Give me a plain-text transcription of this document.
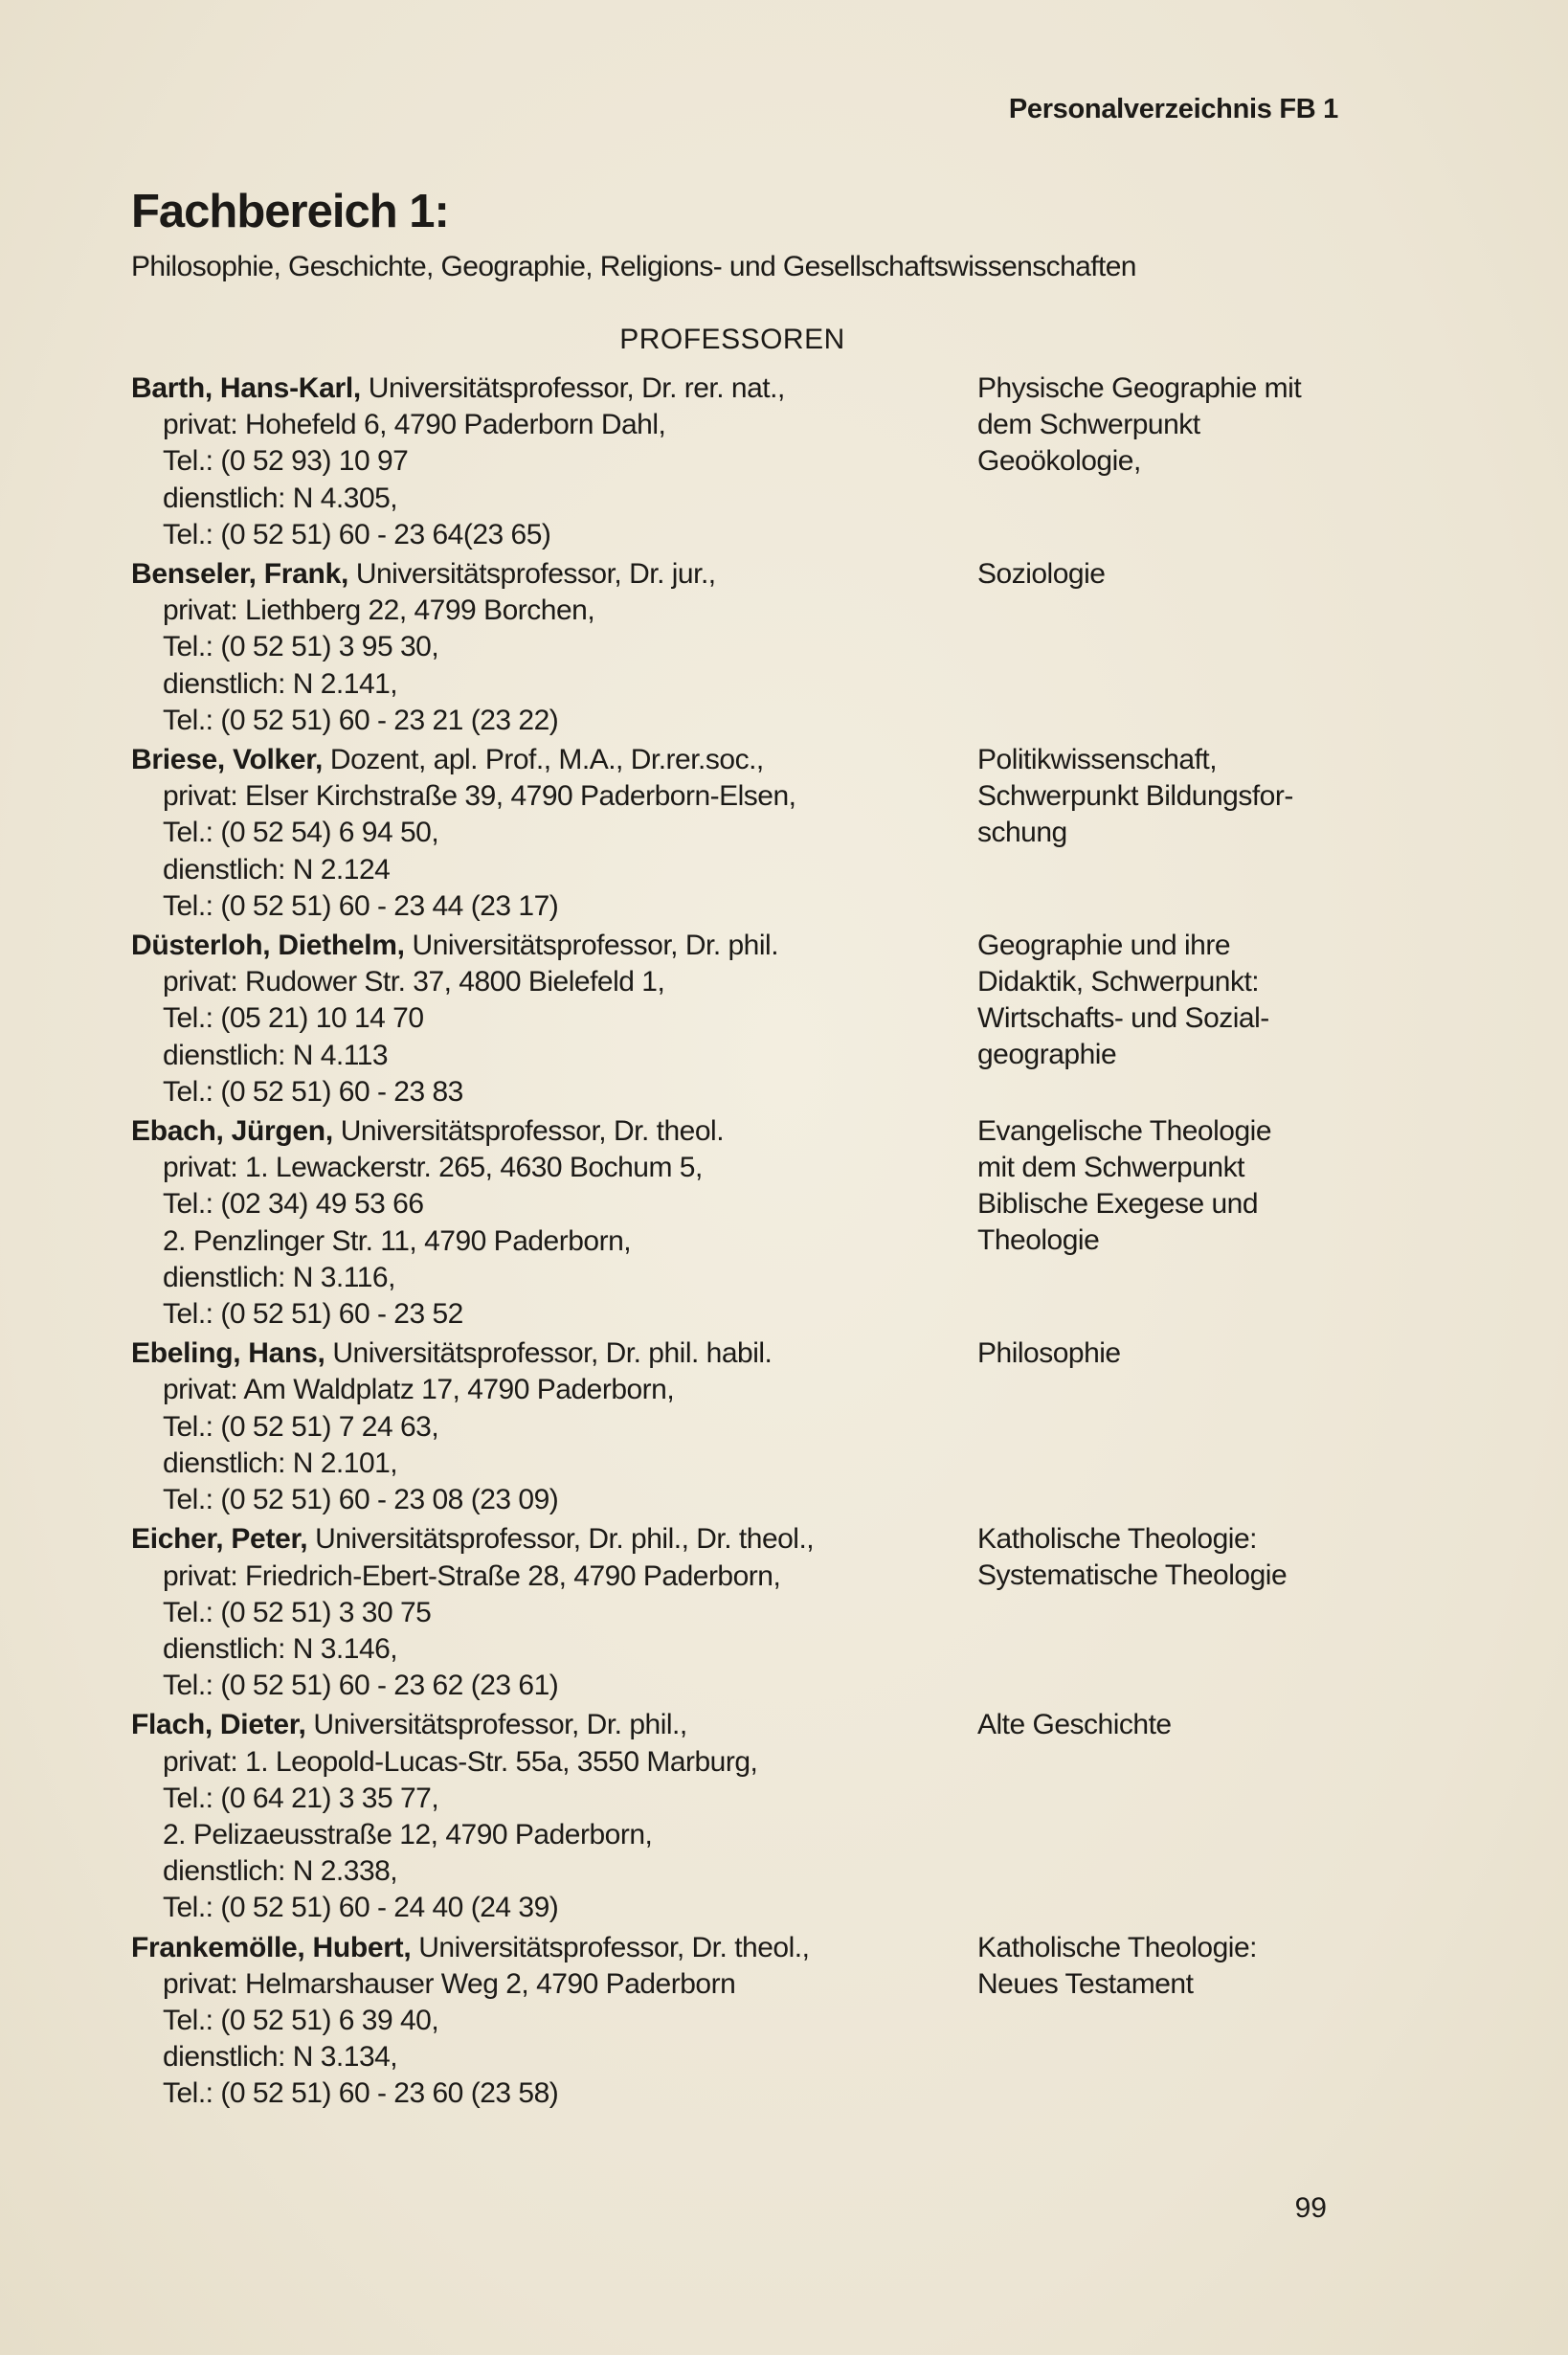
Personalverzeichnis FB 1
Fachbereich 1:
Philosophie, Geschichte, Geographie, Religions- und Gesellschaftswissenschaften
PROFESSOREN
Barth, Hans-Karl, Universitätsprofessor, Dr. rer. nat.,
privat: Hohefeld 6, 4790 Paderborn Dahl,
Tel.: (0 52 93) 10 97
dienstlich: N 4.305,
Tel.: (0 52 51) 60 - 23 64(23 65)
Physische Geographie mit
dem Schwerpunkt
Geoökologie,
Benseler, Frank, Universitätsprofessor, Dr. jur.,
privat: Liethberg 22, 4799 Borchen,
Tel.: (0 52 51) 3 95 30,
dienstlich: N 2.141,
Tel.: (0 52 51) 60 - 23 21 (23 22)
Soziologie
Briese, Volker, Dozent, apl. Prof., M.A., Dr.rer.soc.,
privat: Elser Kirchstraße 39, 4790 Paderborn-Elsen,
Tel.: (0 52 54) 6 94 50,
dienstlich: N 2.124
Tel.: (0 52 51) 60 - 23 44 (23 17)
Politikwissenschaft,
Schwerpunkt Bildungsfor-
schung
Düsterloh, Diethelm, Universitätsprofessor, Dr. phil.
privat: Rudower Str. 37, 4800 Bielefeld 1,
Tel.: (05 21) 10 14 70
dienstlich: N 4.113
Tel.: (0 52 51) 60 - 23 83
Geographie und ihre
Didaktik, Schwerpunkt:
Wirtschafts- und Sozial-
geographie
Ebach, Jürgen, Universitätsprofessor, Dr. theol.
privat: 1. Lewackerstr. 265, 4630 Bochum 5,
Tel.: (02 34) 49 53 66
2. Penzlinger Str. 11, 4790 Paderborn,
dienstlich: N 3.116,
Tel.: (0 52 51) 60 - 23 52
Evangelische Theologie
mit dem Schwerpunkt
Biblische Exegese und
Theologie
Ebeling, Hans, Universitätsprofessor, Dr. phil. habil.
privat: Am Waldplatz 17, 4790 Paderborn,
Tel.: (0 52 51) 7 24 63,
dienstlich: N 2.101,
Tel.: (0 52 51) 60 - 23 08 (23 09)
Philosophie
Eicher, Peter, Universitätsprofessor, Dr. phil., Dr. theol.,
privat: Friedrich-Ebert-Straße 28, 4790 Paderborn,
Tel.: (0 52 51) 3 30 75
dienstlich: N 3.146,
Tel.: (0 52 51) 60 - 23 62 (23 61)
Katholische Theologie:
Systematische Theologie
Flach, Dieter, Universitätsprofessor, Dr. phil.,
privat: 1. Leopold-Lucas-Str. 55a, 3550 Marburg,
Tel.: (0 64 21) 3 35 77,
2. Pelizaeusstraße 12, 4790 Paderborn,
dienstlich: N 2.338,
Tel.: (0 52 51) 60 - 24 40 (24 39)
Alte Geschichte
Frankemölle, Hubert, Universitätsprofessor, Dr. theol.,
privat: Helmarshauser Weg 2, 4790 Paderborn
Tel.: (0 52 51) 6 39 40,
dienstlich: N 3.134,
Tel.: (0 52 51) 60 - 23 60 (23 58)
Katholische Theologie:
Neues Testament
99
